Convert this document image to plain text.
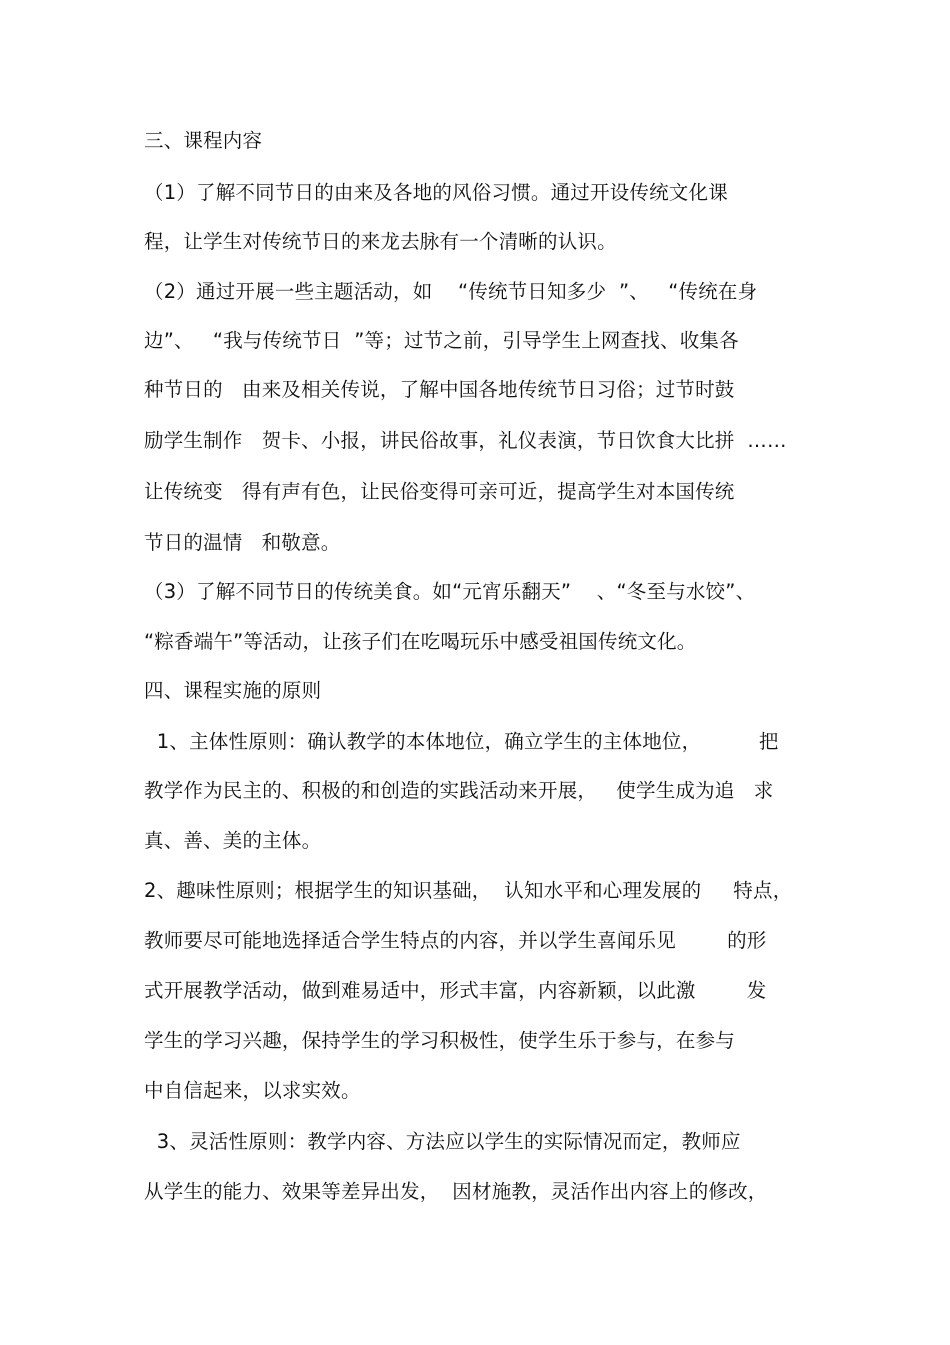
三、课程内容
（1）了解不同节日的由来及各地的风俗习惯。通过开设传统文化课
程，让学生对传统节日的来龙去脉有一个清晰的认识。
（2）通过开展一些主题活动，如    “传统节日知多少  ”、   “传统在身
边”、   “我与传统节日  ”等；过节之前，引导学生上网查找、收集各
种节日的   由来及相关传说，了解中国各地传统节日习俗；过节时鼓
励学生制作   贺卡、小报，讲民俗故事，礼仪表演，节日饮食大比拼  ……
让传统变   得有声有色，让民俗变得可亲可近，提高学生对本国传统
节日的温情   和敬意。
（3）了解不同节日的传统美食。如“元宵乐翻天”    、“冬至与水饺”、
“粽香端午”等活动，让孩子们在吃喝玩乐中感受祖国传统文化。
四、课程实施的原则
1、主体性原则：确认教学的本体地位，确立学生的主体地位，         把
教学作为民主的、积极的和创造的实践活动来开展，   使学生成为追   求
真、善、美的主体。
2、趣味性原则；根据学生的知识基础，  认知水平和心理发展的     特点，
教师要尽可能地选择适合学生特点的内容，并以学生喜闻乐见        的形
式开展教学活动，做到难易适中，形式丰富，内容新颖，以此激        发
学生的学习兴趣，保持学生的学习积极性，使学生乐于参与，在参与
中自信起来，以求实效。
3、灵活性原则：教学内容、方法应以学生的实际情况而定，教师应
从学生的能力、效果等差异出发，  因材施教，灵活作出内容上的修改，
